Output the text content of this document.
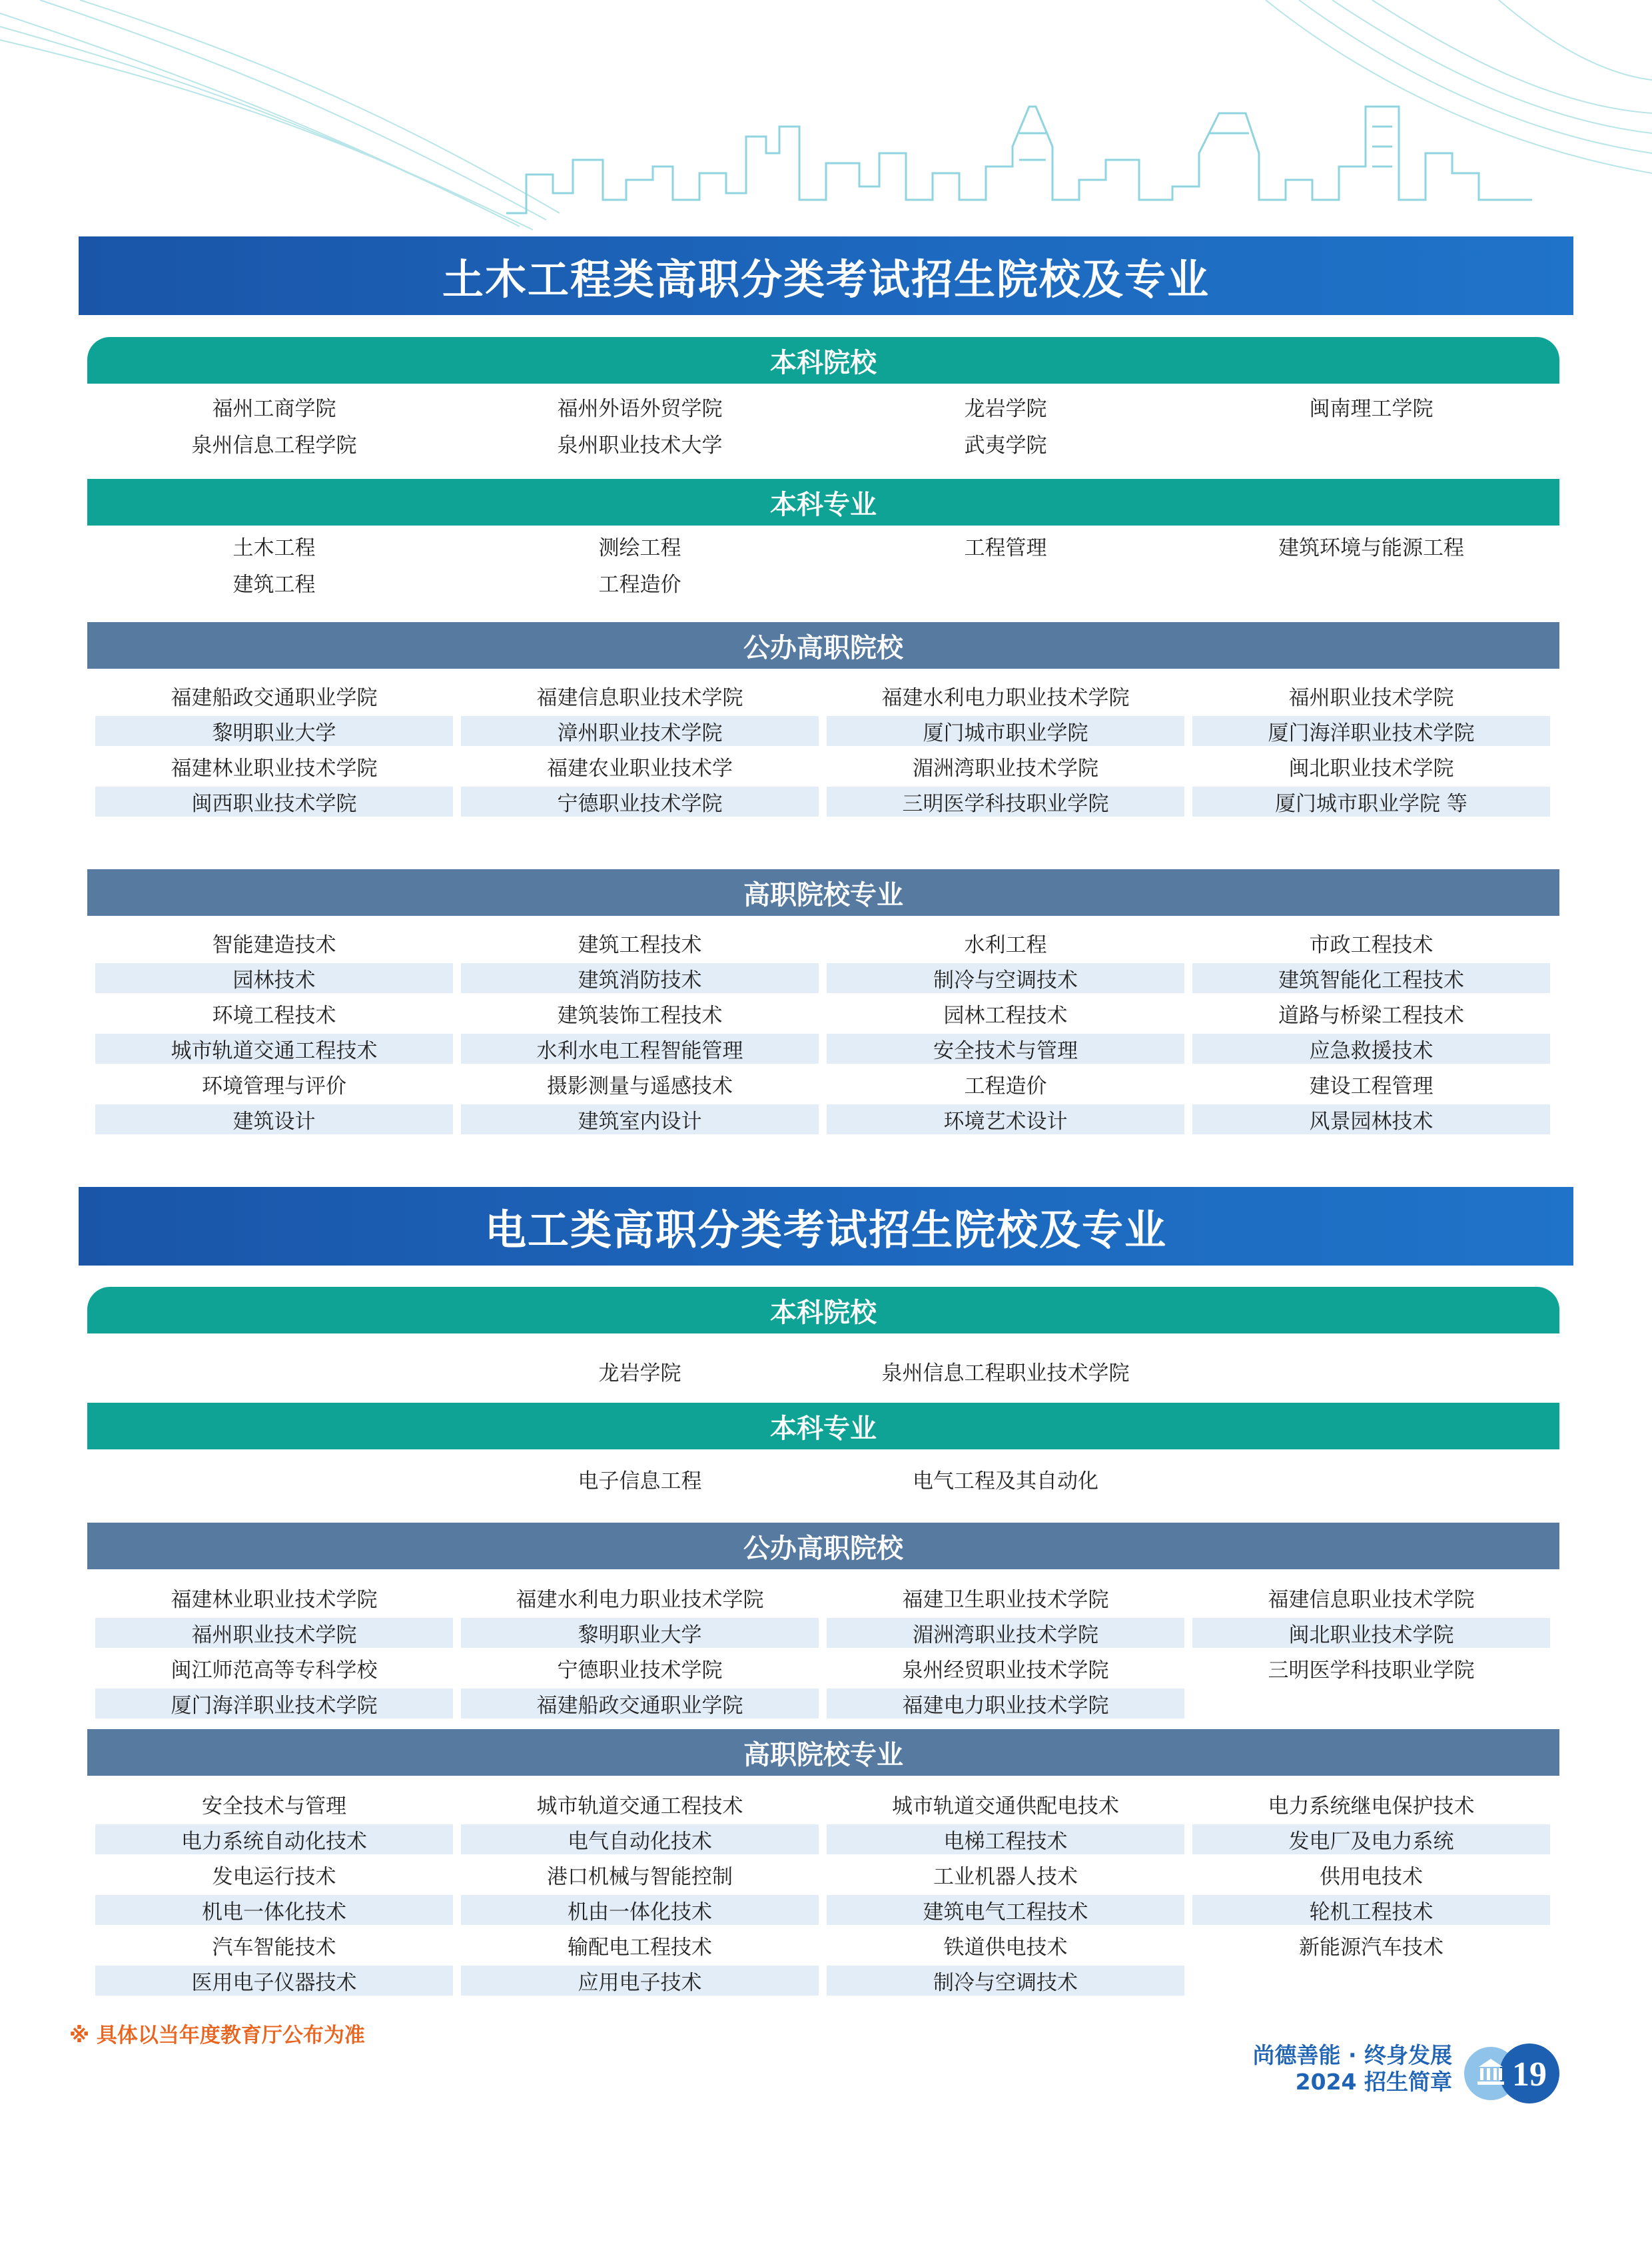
土木工程类高职分类考试招生院校及专业
本科院校
福州工商学院	福州外语外贸学院	龙岩学院	闽南理工学院
泉州信息工程学院	泉州职业技术大学	武夷学院
本科专业
土木工程	测绘工程	工程管理	建筑环境与能源工程
建筑工程	工程造价
公办高职院校
福建船政交通职业学院	福建信息职业技术学院	福建水利电力职业技术学院	福州职业技术学院
黎明职业大学	漳州职业技术学院	厦门城市职业学院	厦门海洋职业技术学院
福建林业职业技术学院	福建农业职业技术学	湄洲湾职业技术学院	闽北职业技术学院
闽西职业技术学院	宁德职业技术学院	三明医学科技职业学院	厦门城市职业学院 等
高职院校专业
智能建造技术	建筑工程技术	水利工程	市政工程技术
园林技术	建筑消防技术	制冷与空调技术	建筑智能化工程技术
环境工程技术	建筑装饰工程技术	园林工程技术	道路与桥梁工程技术
城市轨道交通工程技术	水利水电工程智能管理	安全技术与管理	应急救援技术
环境管理与评价	摄影测量与遥感技术	工程造价	建设工程管理
建筑设计	建筑室内设计	环境艺术设计	风景园林技术
电工类高职分类考试招生院校及专业
本科院校
龙岩学院	泉州信息工程职业技术学院
本科专业
电子信息工程	电气工程及其自动化
公办高职院校
福建林业职业技术学院	福建水利电力职业技术学院	福建卫生职业技术学院	福建信息职业技术学院
福州职业技术学院	黎明职业大学	湄洲湾职业技术学院	闽北职业技术学院
闽江师范高等专科学校	宁德职业技术学院	泉州经贸职业技术学院	三明医学科技职业学院
厦门海洋职业技术学院	福建船政交通职业学院	福建电力职业技术学院
高职院校专业
安全技术与管理	城市轨道交通工程技术	城市轨道交通供配电技术	电力系统继电保护技术
电力系统自动化技术	电气自动化技术	电梯工程技术	发电厂及电力系统
发电运行技术	港口机械与智能控制	工业机器人技术	供用电技术
机电一体化技术	机由一体化技术	建筑电气工程技术	轮机工程技术
汽车智能技术	输配电工程技术	铁道供电技术	新能源汽车技术
医用电子仪器技术	应用电子技术	制冷与空调技术
※ 具体以当年度教育厅公布为准
尚德善能 · 终身发展
2024 招生简章 19
